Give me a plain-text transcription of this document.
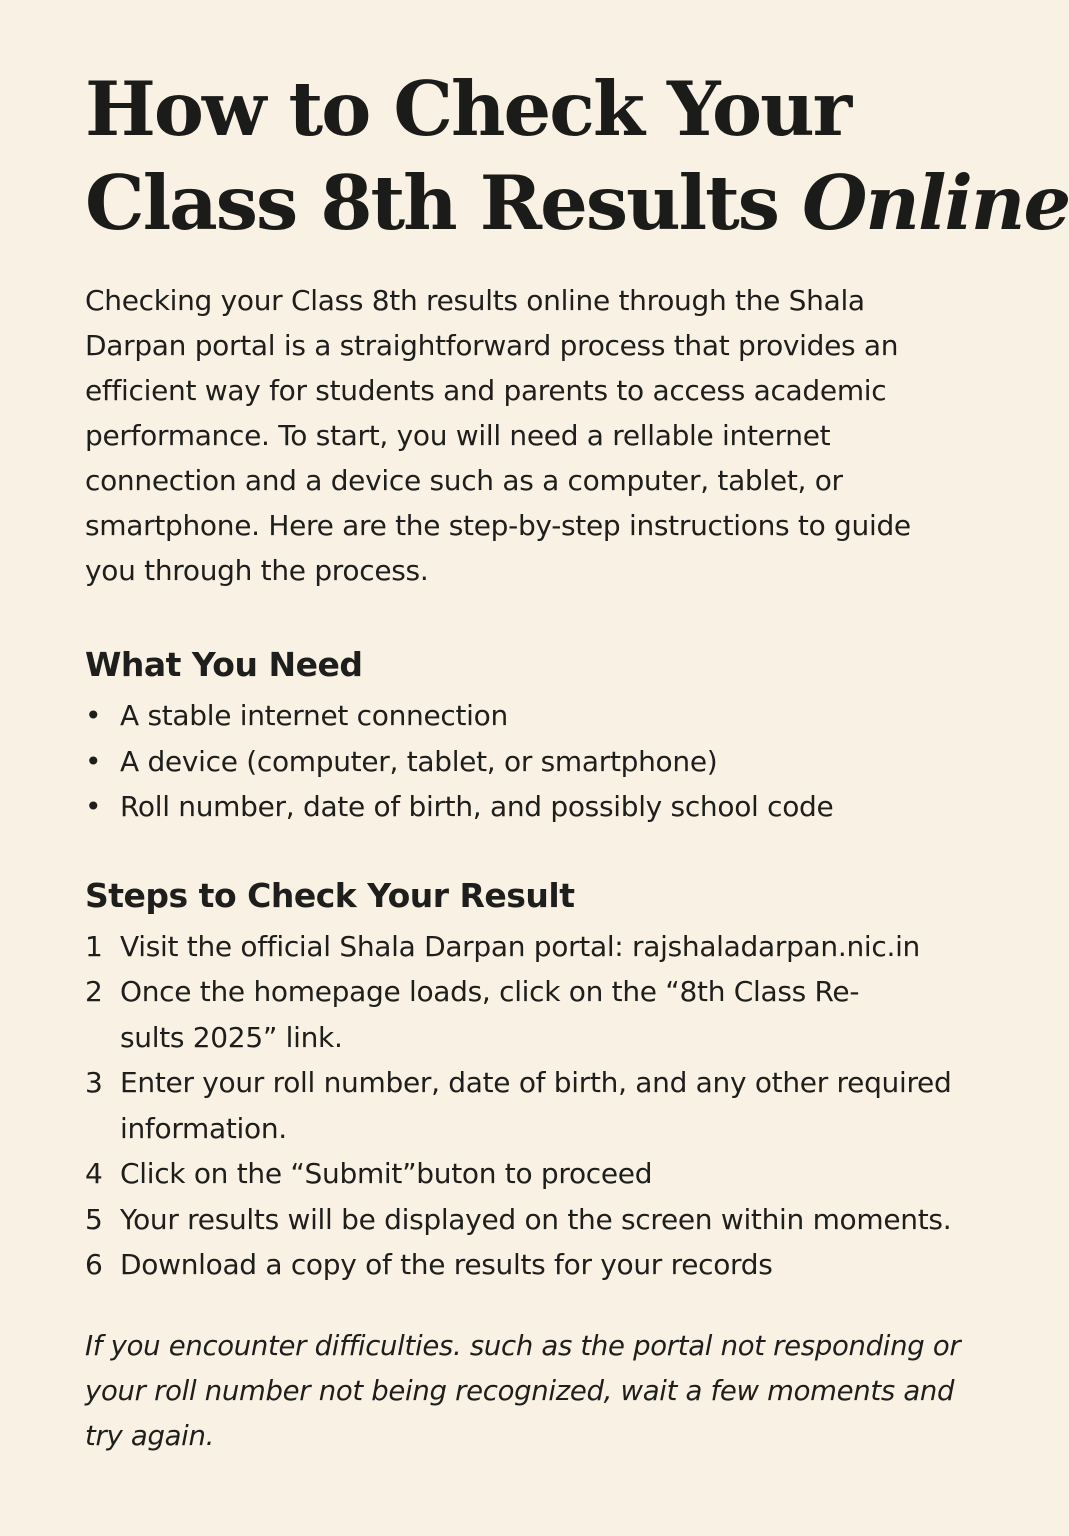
How to Check Your
Class 8th Results Online

Checking your Class 8th results online through the Shala Darpan portal is a straightforward process that provides an efficient way for students and parents to access academic performance. To start, you will need a rellable internet connection and a device such as a computer, tablet, or smartphone. Here are the step-by-step instructions to guide you through the process.

What You Need
• A stable internet connection
• A device (computer, tablet, or smartphone)
• Roll number, date of birth, and possibly school code
Steps to Check Your Result
1 Visit the official Shala Darpan portal: rajshaladarpan.nic.in
2 Once the homepage loads, click on the “8th Class Re-
sults 2025” link.
3 Enter your roll number, date of birth, and any other required information.
4 Click on the “Submit”buton to proceed
5 Your results will be displayed on the screen within moments.
6 Download a copy of the results for your records

If you encounter difficulties. such as the portal not responding or your roll number not being recognized, wait a few moments and try again.
